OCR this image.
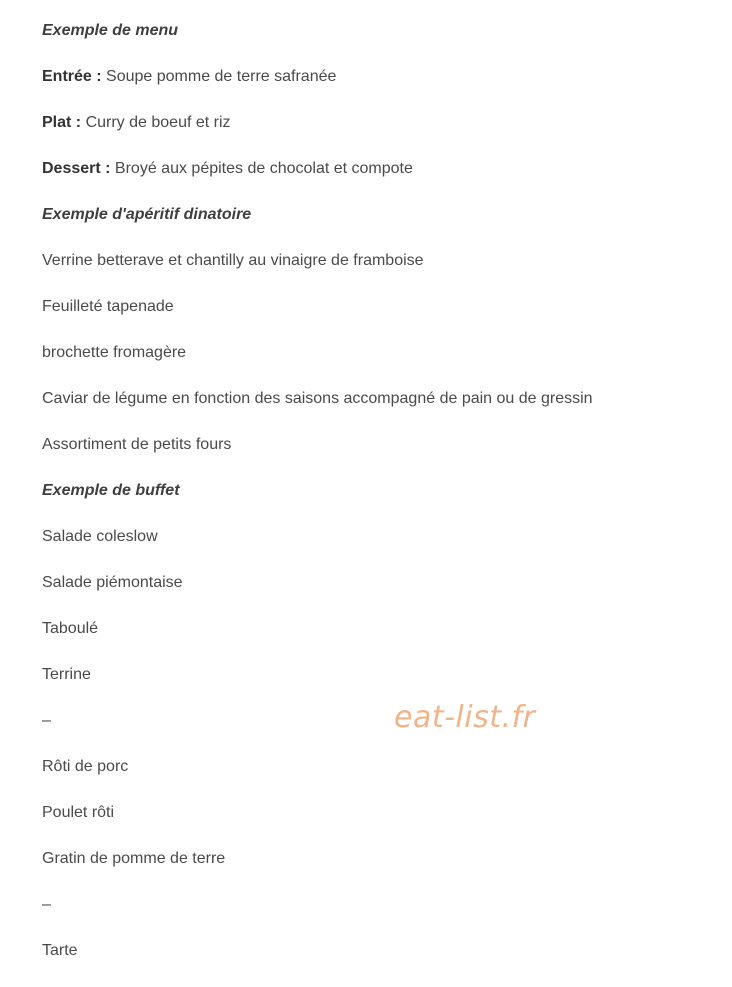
Exemple de menu
Entrée : Soupe pomme de terre safranée
Plat : Curry de boeuf et riz
Dessert : Broyé aux pépites de chocolat et compote
Exemple d'apéritif dinatoire
Verrine betterave et chantilly au vinaigre de framboise
Feuilleté tapenade
brochette fromagère
Caviar de légume en fonction des saisons accompagné de pain ou de gressin
Assortiment de petits fours
Exemple de buffet
Salade coleslow
Salade piémontaise
Taboulé
Terrine
–
Rôti de porc
Poulet rôti
Gratin de pomme de terre
–
Tarte
eat-list.fr
